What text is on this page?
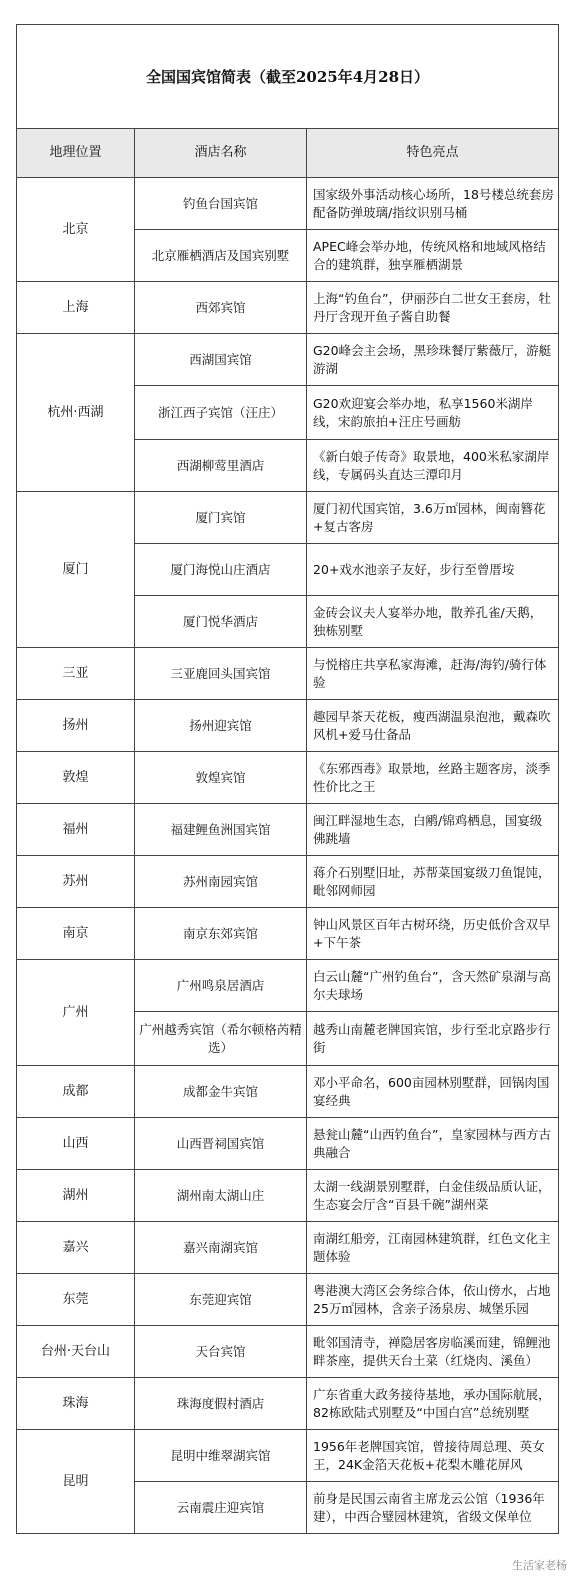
全国国宾馆简表（截至2025年4月28日）		
地理位置	酒店名称	特色亮点
北京	钓鱼台国宾馆	国家级外事活动核心场所，18号楼总统套房配备防弹玻璃/指纹识别马桶
	北京雁栖酒店及国宾别墅	APEC峰会举办地，传统风格和地域风格结合的建筑群，独享雁栖湖景
上海	西郊宾馆	上海“钓鱼台”，伊丽莎白二世女王套房，牡丹厅含现开鱼子酱自助餐
杭州·西湖	西湖国宾馆	G20峰会主会场，黑珍珠餐厅紫薇厅，游艇游湖
	浙江西子宾馆（汪庄）	G20欢迎宴会举办地，私享1560米湖岸线，宋韵旅拍+汪庄号画舫
	西湖柳莺里酒店	《新白娘子传奇》取景地，400米私家湖岸线，专属码头直达三潭印月
厦门	厦门宾馆	厦门初代国宾馆，3.6万㎡园林，闽南簪花+复古客房
	厦门海悦山庄酒店	20+戏水池亲子友好，步行至曾厝垵
	厦门悦华酒店	金砖会议夫人宴举办地，散养孔雀/天鹅，独栋别墅
三亚	三亚鹿回头国宾馆	与悦榕庄共享私家海滩，赶海/海钓/骑行体验
扬州	扬州迎宾馆	趣园早茶天花板，瘦西湖温泉泡池，戴森吹风机+爱马仕备品
敦煌	敦煌宾馆	《东邪西毒》取景地，丝路主题客房，淡季性价比之王
福州	福建鲤鱼洲国宾馆	闽江畔湿地生态，白鹇/锦鸡栖息，国宴级佛跳墙
苏州	苏州南园宾馆	蒋介石别墅旧址，苏帮菜国宴级刀鱼馄饨，毗邻网师园
南京	南京东郊宾馆	钟山风景区百年古树环绕，历史低价含双早+下午茶
广州	广州鸣泉居酒店	白云山麓“广州钓鱼台”，含天然矿泉湖与高尔夫球场
	广州越秀宾馆（希尔顿格芮精选）	越秀山南麓老牌国宾馆，步行至北京路步行街
成都	成都金牛宾馆	邓小平命名，600亩园林别墅群，回锅肉国宴经典
山西	山西晋祠国宾馆	悬瓮山麓“山西钓鱼台”，皇家园林与西方古典融合
湖州	湖州南太湖山庄	太湖一线湖景别墅群，白金佳级品质认证，生态宴会厅含“百县千碗”湖州菜
嘉兴	嘉兴南湖宾馆	南湖红船旁，江南园林建筑群，红色文化主题体验
东莞	东莞迎宾馆	粤港澳大湾区会务综合体，依山傍水，占地25万㎡园林，含亲子汤泉房、城堡乐园
台州·天台山	天台宾馆	毗邻国清寺，禅隐居客房临溪而建，锦鲤池畔茶座，提供天台土菜（红烧肉、溪鱼）
珠海	珠海度假村酒店	广东省重大政务接待基地，承办国际航展，82栋欧陆式别墅及“中国白宫”总统别墅
昆明	昆明中维翠湖宾馆	1956年老牌国宾馆，曾接待周总理、英女王，24K金箔天花板+花梨木雕花屏风
	云南震庄迎宾馆	前身是民国云南省主席龙云公馆（1936年建），中西合璧园林建筑，省级文保单位
生活家老杨
